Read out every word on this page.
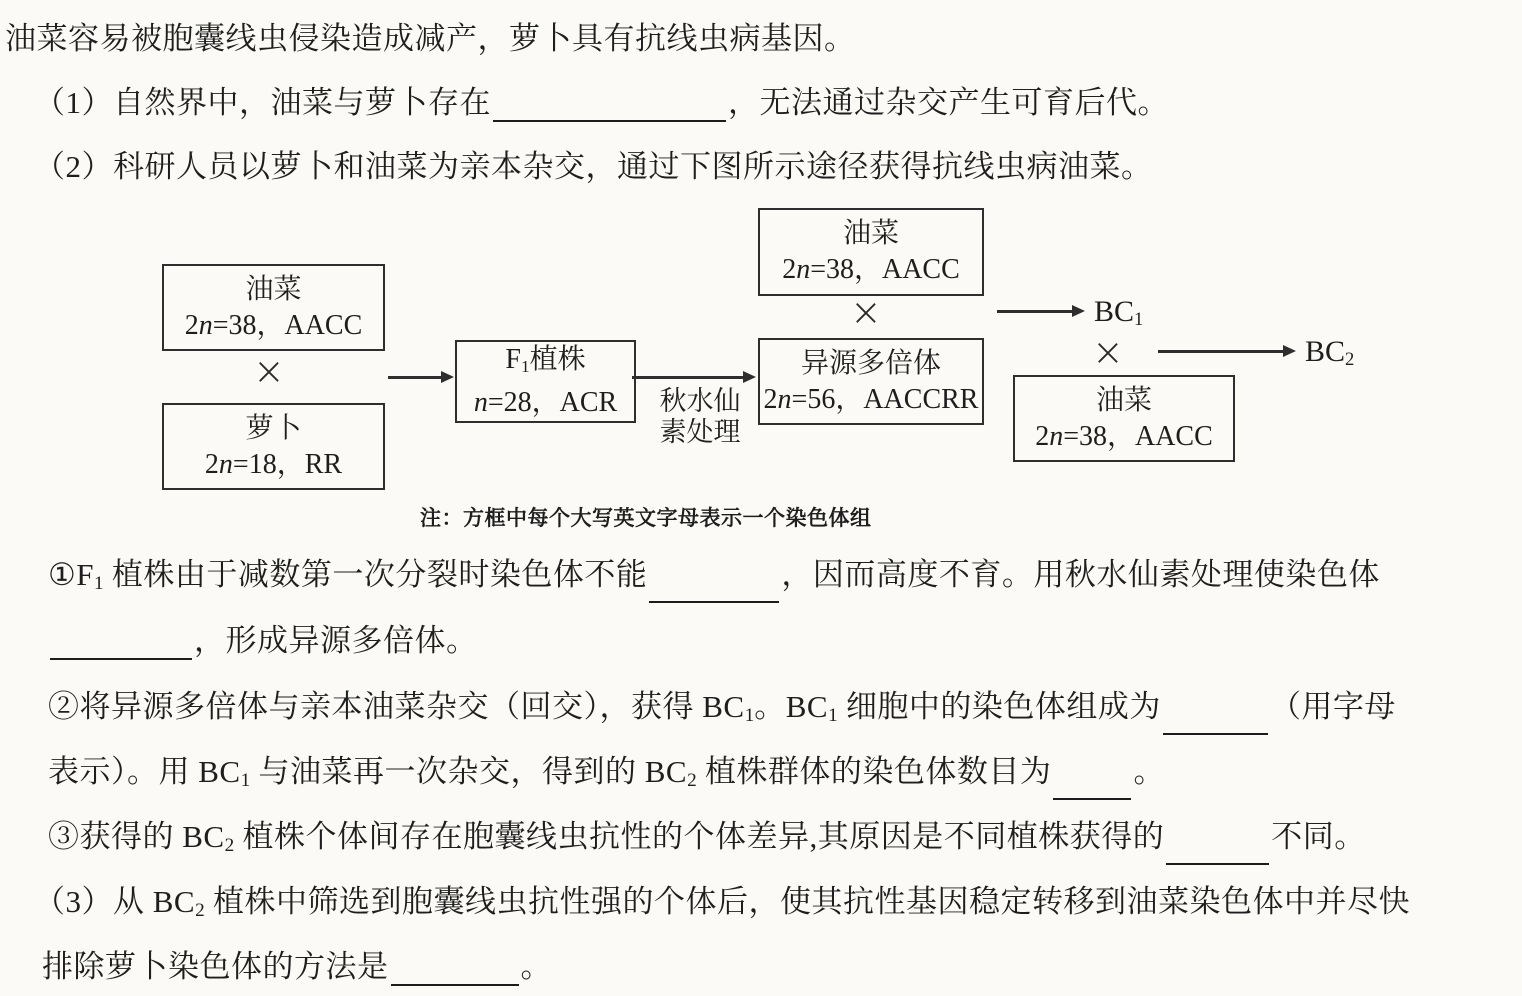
油菜容易被胞囊线虫侵染造成减产，萝卜具有抗线虫病基因。
（1）自然界中，油菜与萝卜存在	，无法通过杂交产生可育后代。
（2）科研人员以萝卜和油菜为亲本杂交，通过下图所示途径获得抗线虫病油菜。
油菜
2n=38，AACC
×
萝卜
2n=18，RR
$F_1$植株
n=28，ACR 秋水仙
素处理
油菜
2n=38，AACC
×
异源多倍体
2n=56，AACCRR
$BC_1$
×	$BC_2$
油菜
2n=38，AACC
注：方框中每个大写英文字母表示一个染色体组
$①F_1$ 植株由于减数第一次分裂时染色体不能	，因而高度不育。用秋水仙素处理使染色体
，形成异源多倍体。
②将异源多倍体与亲本油菜杂交（回交），获得 $BC_1$。$BC_1$ 细胞中的染色体组成为	（用字母
表示）。用 $BC_1$ 与油菜再一次杂交，得到的 $BC_2$ 植株群体的染色体数目为	。
③获得的 $BC_2$ 植株个体间存在胞囊线虫抗性的个体差异,其原因是不同植株获得的	不同。
（3）从 $BC_2$ 植株中筛选到胞囊线虫抗性强的个体后，使其抗性基因稳定转移到油菜染色体中并尽快
排除萝卜染色体的方法是	。
